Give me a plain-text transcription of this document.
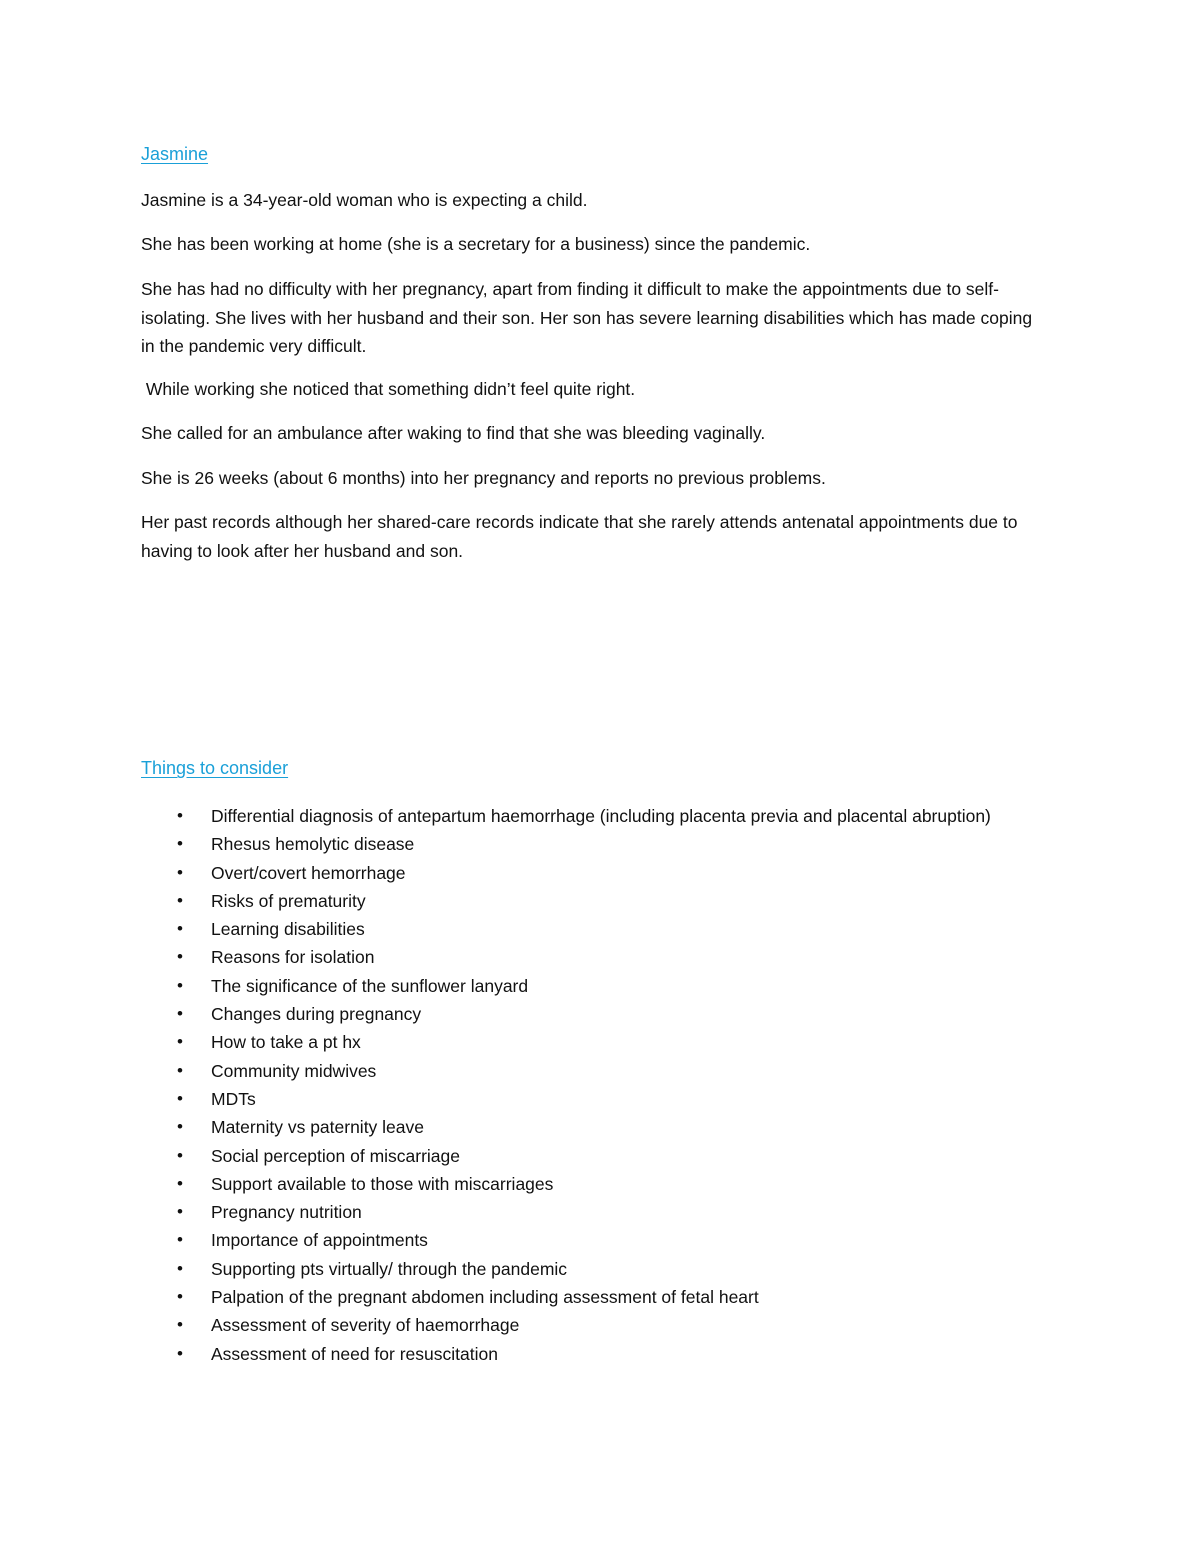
Jasmine

Jasmine is a 34-year-old woman who is expecting a child.

She has been working at home (she is a secretary for a business) since the pandemic.

She has had no difficulty with her pregnancy, apart from finding it difficult to make the appointments due to self-isolating. She lives with her husband and their son. Her son has severe learning disabilities which has made coping in the pandemic very difficult.

While working she noticed that something didn’t feel quite right.

She called for an ambulance after waking to find that she was bleeding vaginally.

She is 26 weeks (about 6 months) into her pregnancy and reports no previous problems.

Her past records although her shared-care records indicate that she rarely attends antenatal appointments due to having to look after her husband and son.

Things to consider
• Differential diagnosis of antepartum haemorrhage (including placenta previa and placental abruption)
• Rhesus hemolytic disease
• Overt/covert hemorrhage
• Risks of prematurity
• Learning disabilities
• Reasons for isolation
• The significance of the sunflower lanyard
• Changes during pregnancy
• How to take a pt hx
• Community midwives
• MDTs
• Maternity vs paternity leave
• Social perception of miscarriage
• Support available to those with miscarriages
• Pregnancy nutrition
• Importance of appointments
• Supporting pts virtually/ through the pandemic
• Palpation of the pregnant abdomen including assessment of fetal heart
• Assessment of severity of haemorrhage
• Assessment of need for resuscitation
